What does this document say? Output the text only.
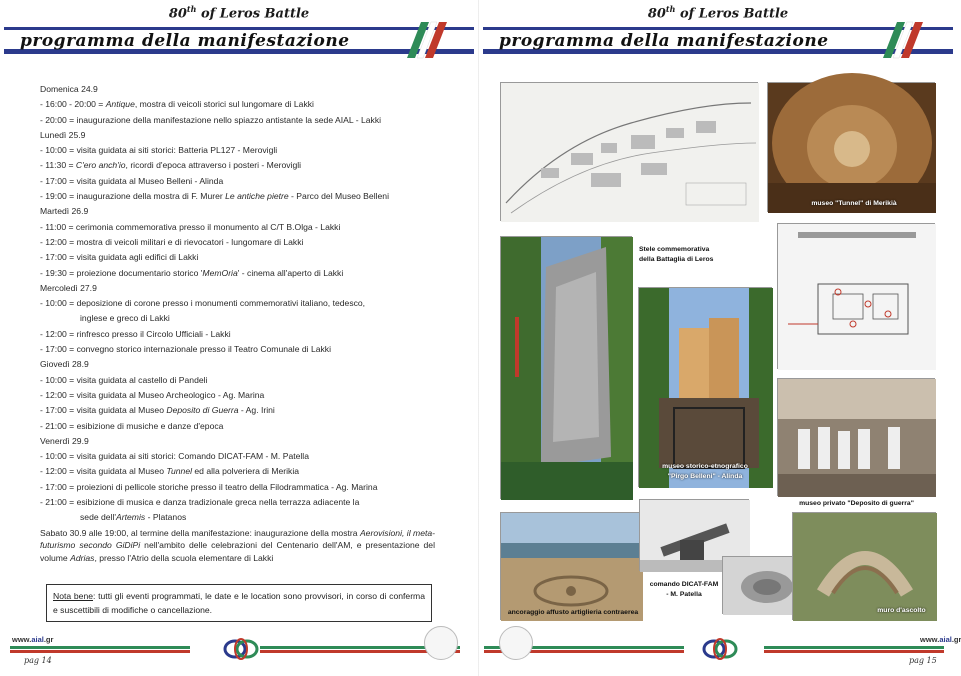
80th of Leros Battle
programma della manifestazione
Domenica 24.9
- 16:00 - 20:00 = Antique, mostra di veicoli storici sul lungomare di Lakki
- 20:00 = inaugurazione della manifestazione nello spiazzo antistante la sede AIAL - Lakki
Lunedì 25.9
- 10:00 = visita guidata ai siti storici: Batteria PL127 - Merovigli
- 11:30 = C'ero anch'io, ricordi d'epoca attraverso i posteri - Merovigli
- 17:00 = visita guidata al Museo Belleni - Alinda
- 19:00 = inaugurazione della mostra di F. Murer Le antiche pietre - Parco del Museo Belleni
Martedì 26.9
- 11:00 = cerimonia commemorativa presso il monumento al C/T B.Olga - Lakki
- 12:00 = mostra di veicoli militari e di rievocatori - lungomare di Lakki
- 17:00 = visita guidata agli edifici di Lakki
- 19:30 = proiezione documentario storico 'MemOria' - cinema all'aperto di Lakki
Mercoledì 27.9
- 10:00 = deposizione di corone presso i monumenti commemorativi italiano, tedesco,
inglese e greco di Lakki
- 12:00 = rinfresco presso il Circolo Ufficiali - Lakki
- 17:00 = convegno storico internazionale presso il Teatro Comunale di Lakki
Giovedì 28.9
- 10:00 = visita guidata al castello di Pandeli
- 12:00 = visita guidata al Museo Archeologico - Ag. Marina
- 17:00 = visita guidata al Museo Deposito di Guerra - Ag. Irini
- 21:00 = esibizione di musiche e danze d'epoca
Venerdì 29.9
- 10:00 = visita guidata ai siti storici: Comando DICAT-FAM - M. Patella
- 12:00 = visita guidata al Museo Tunnel ed alla polveriera di Merikia
- 17:00 = proiezioni di pellicole storiche presso il teatro della Filodrammatica - Ag. Marina
- 21:00 = esibizione di musica e danza tradizionale greca nella terrazza adiacente la
sede dell'Artemis - Platanos
Sabato 30.9 alle 19:00, al termine della manifestazione: inaugurazione della mostra Aerovisioni, il meta-futurismo secondo GiDiPi nell'ambito delle celebrazioni del Centenario dell'AM, e presentazione del volume Adrias, presso l'Atrio della scuola elementare di Lakki
Nota bene: tutti gli eventi programmati, le date e le location sono provvisori, in corso di conferma e suscettibili di modifiche o cancellazione.
www.aial.gr
pag 14
80th of Leros Battle
programma della manifestazione
museo "Tunnel" di Merikià
Stele commemorativa
della Battaglia di Leros
museo storico-etnografico
"Pirgo Belleni" - Alinda
museo privato "Deposito di guerra"
ancoraggio affusto artiglieria contraerea
comando DICAT-FAM
- M. Patella
muro d'ascolto
www.aial.gr
pag 15
